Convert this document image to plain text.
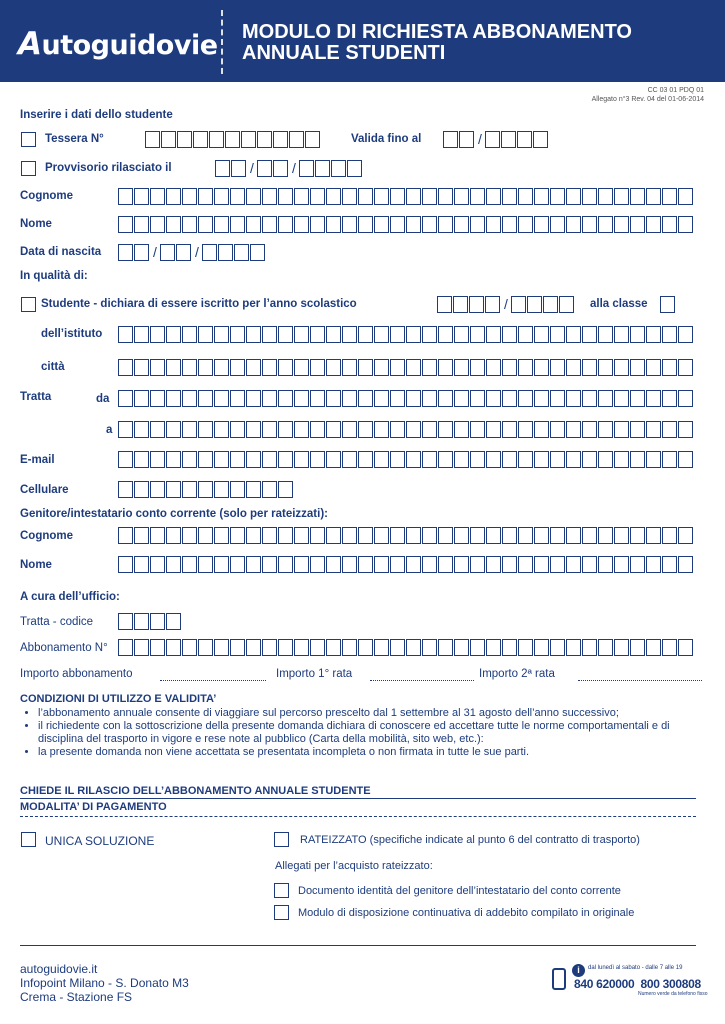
Autoguidovie MODULO DI RICHIESTA ABBONAMENTO
ANNUALE STUDENTI
CC 03 01 PDQ 01
Allegato n°3 Rev. 04 del 01-06-2014
Inserire i dati dello studente
Tessera N°	Valida fino al	/
Provvisorio rilasciato il	/	/
Cognome
Nome
Data di nascita	/	/
In qualità di:
Studente - dichiara di essere iscritto per l’anno scolastico	/	alla classe
dell’istituto
città
Tratta	da
a
E-mail
Cellulare
Genitore/intestatario conto corrente (solo per rateizzati):
Cognome
Nome
A cura dell’ufficio:
Tratta - codice
Abbonamento N°
Importo abbonamento	Importo 1° rata	Importo 2ª rata
CONDIZIONI DI UTILIZZO E VALIDITA’
• l’abbonamento annuale consente di viaggiare sul percorso prescelto dal 1 settembre al 31 agosto dell’anno successivo;
• il richiedente con la sottoscrizione della presente domanda dichiara di conoscere ed accettare tutte le norme comportamentali e di disciplina del trasporto in vigore e rese note al pubblico (Carta della mobilità, sito web, etc.):
• la presente domanda non viene accettata se presentata incompleta o non firmata in tutte le sue parti.
CHIEDE IL RILASCIO DELL’ABBONAMENTO ANNUALE STUDENTE
MODALITA’ DI PAGAMENTO
UNICA SOLUZIONE	RATEIZZATO (specifiche indicate al punto 6 del contratto di trasporto)
Allegati per l’acquisto rateizzato:
Documento identità del genitore dell’intestatario del conto corrente
Modulo di disposizione continuativa di addebito compilato in originale
autoguidovie.it
Infopoint Milano - S. Donato M3
Crema - Stazione FS
i	dal lunedì al sabato - dalle 7 alle 19
840 620000 800 300808
Numero verde da telefono fisso
